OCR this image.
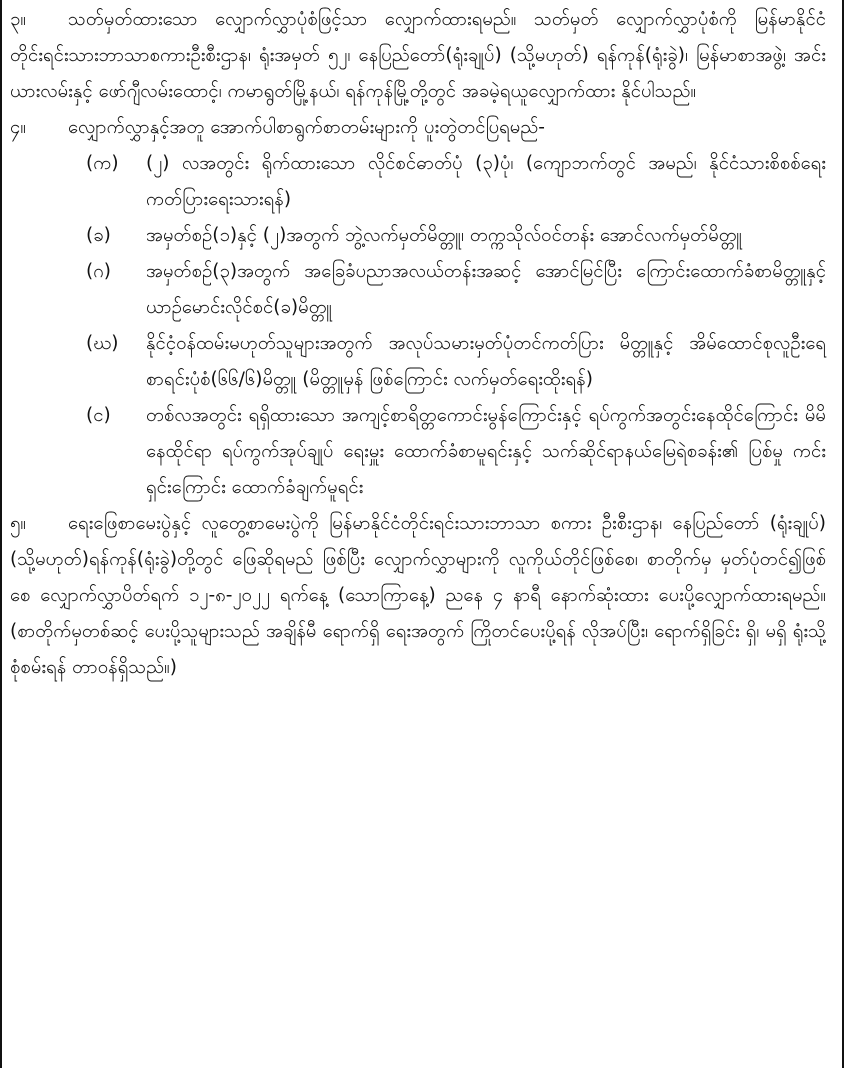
၃။ သတ်မှတ်ထားသော လျှောက်လွှာပုံစံဖြင့်သာ လျှောက်ထားရမည်။ သတ်မှတ် လျှောက်လွှာပုံစံကို မြန်မာနိုင်ငံ တိုင်းရင်းသားဘာသာစကားဦးစီးဌာန၊ ရုံးအမှတ် ၅၂၊ နေပြည်တော်(ရုံးချုပ်) (သို့မဟုတ်) ရန်ကုန်(ရုံးခွဲ)၊ မြန်မာစာအဖွဲ့၊ အင်းယားလမ်းနှင့် ဖော်ဂျီလမ်းထောင့်၊ ကမာရွတ်မြို့နယ်၊ ရန်ကုန်မြို့တို့တွင် အခမဲ့ရယူလျှောက်ထား နိုင်ပါသည်။
၄။ လျှောက်လွှာနှင့်အတူ အောက်ပါစာရွက်စာတမ်းများကို ပူးတွဲတင်ပြရမည်-
(က)	(၂) လအတွင်း ရိုက်ထားသော လိုင်စင်ဓာတ်ပုံ (၃)ပုံ၊ (ကျောဘက်တွင် အမည်၊ နိုင်ငံသားစိစစ်ရေးကတ်ပြားရေးသားရန်)
(ခ)	အမှတ်စဉ်(၁)နှင့် (၂)အတွက် ဘွဲ့လက်မှတ်မိတ္တူ၊ တက္ကသိုလ်ဝင်တန်း အောင်လက်မှတ်မိတ္တူ
(ဂ)	အမှတ်စဉ်(၃)အတွက် အခြေခံပညာအလယ်တန်းအဆင့် အောင်မြင်ပြီး ကြောင်းထောက်ခံစာမိတ္တူနှင့် ယာဉ်မောင်းလိုင်စင်(ခ)မိတ္တူ
(ဃ)	နိုင်ငံ့ဝန်ထမ်းမဟုတ်သူများအတွက် အလုပ်သမားမှတ်ပုံတင်ကတ်ပြား မိတ္တူနှင့် အိမ်ထောင်စုလူဦးရေစာရင်းပုံစံ(၆၆/၆)မိတ္တူ (မိတ္တူမှန် ဖြစ်ကြောင်း လက်မှတ်ရေးထိုးရန်)
(င)	တစ်လအတွင်း ရရှိထားသော အကျင့်စာရိတ္တကောင်းမွန်ကြောင်းနှင့် ရပ်ကွက်အတွင်းနေထိုင်ကြောင်း မိမိနေထိုင်ရာ ရပ်ကွက်အုပ်ချုပ် ရေးမှူး ထောက်ခံစာမူရင်းနှင့် သက်ဆိုင်ရာနယ်မြေရဲစခန်း၏ ပြစ်မှု ကင်းရှင်းကြောင်း ထောက်ခံချက်မူရင်း
၅။ ရေးဖြေစာမေးပွဲနှင့် လူတွေ့စာမေးပွဲကို မြန်မာနိုင်ငံတိုင်းရင်းသားဘာသာ စကား ဦးစီးဌာန၊ နေပြည်တော် (ရုံးချုပ်)(သို့မဟုတ်)ရန်ကုန်(ရုံးခွဲ)တို့တွင် ဖြေဆိုရမည် ဖြစ်ပြီး လျှောက်လွှာများကို လူကိုယ်တိုင်ဖြစ်စေ၊ စာတိုက်မှ မှတ်ပုံတင်၍ဖြစ်စေ လျှောက်လွှာပိတ်ရက် ၁၂-၈-၂၀၂၂ ရက်နေ့ (သောကြာနေ့) ညနေ ၄ နာရီ နောက်ဆုံးထား ပေးပို့လျှောက်ထားရမည်။ (စာတိုက်မှတစ်ဆင့် ပေးပို့သူများသည် အချိန်မီ ရောက်ရှိ ရေးအတွက် ကြိုတင်ပေးပို့ရန် လိုအပ်ပြီး၊ ရောက်ရှိခြင်း ရှိ၊ မရှိ ရုံးသို့ စုံစမ်းရန် တာဝန်ရှိသည်။)
